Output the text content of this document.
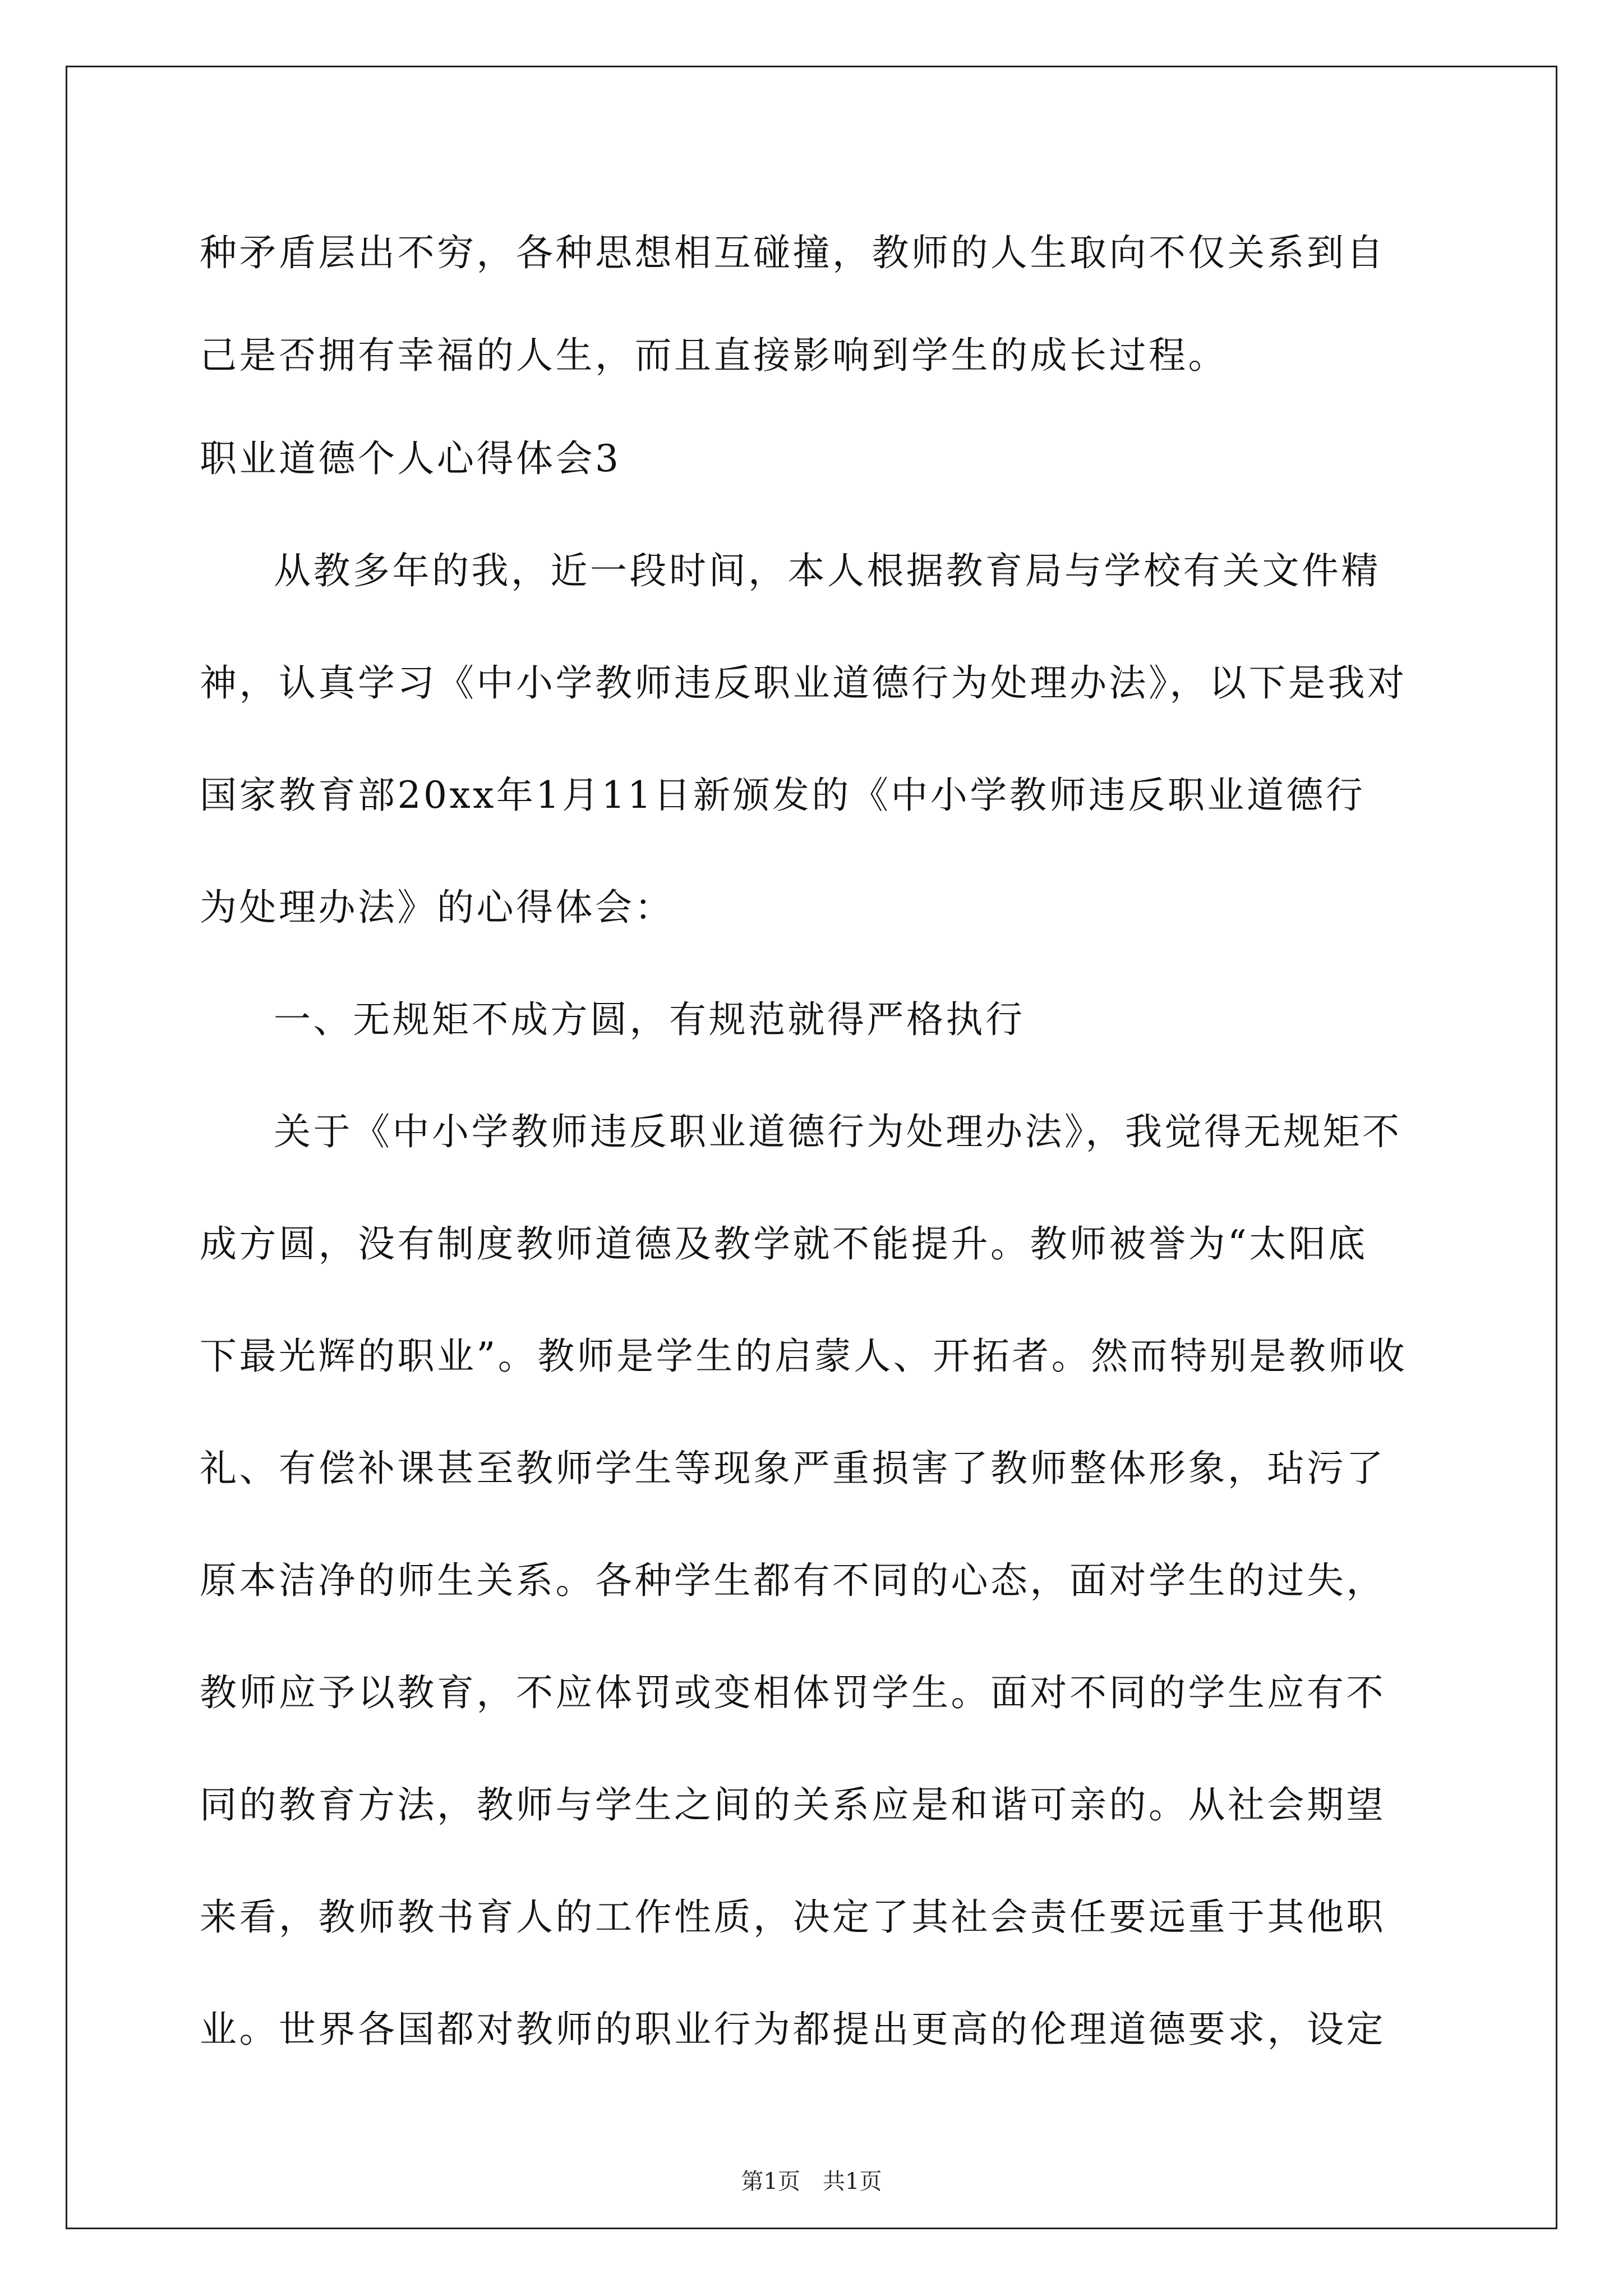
种矛盾层出不穷，各种思想相互碰撞，教师的人生取向不仅关系到自
己是否拥有幸福的人生，而且直接影响到学生的成长过程。
职业道德个人心得体会3
从教多年的我，近一段时间，本人根据教育局与学校有关文件精
神，认真学习《中小学教师违反职业道德行为处理办法》，以下是我对
国家教育部20xx年1月11日新颁发的《中小学教师违反职业道德行
为处理办法》的心得体会：
一、无规矩不成方圆，有规范就得严格执行
关于《中小学教师违反职业道德行为处理办法》，我觉得无规矩不
成方圆，没有制度教师道德及教学就不能提升。教师被誉为“太阳底
下最光辉的职业”。教师是学生的启蒙人、开拓者。然而特别是教师收
礼、有偿补课甚至教师学生等现象严重损害了教师整体形象，玷污了
原本洁净的师生关系。各种学生都有不同的心态，面对学生的过失，
教师应予以教育，不应体罚或变相体罚学生。面对不同的学生应有不
同的教育方法，教师与学生之间的关系应是和谐可亲的。从社会期望
来看，教师教书育人的工作性质，决定了其社会责任要远重于其他职
业。世界各国都对教师的职业行为都提出更高的伦理道德要求，设定
第1页　共1页
